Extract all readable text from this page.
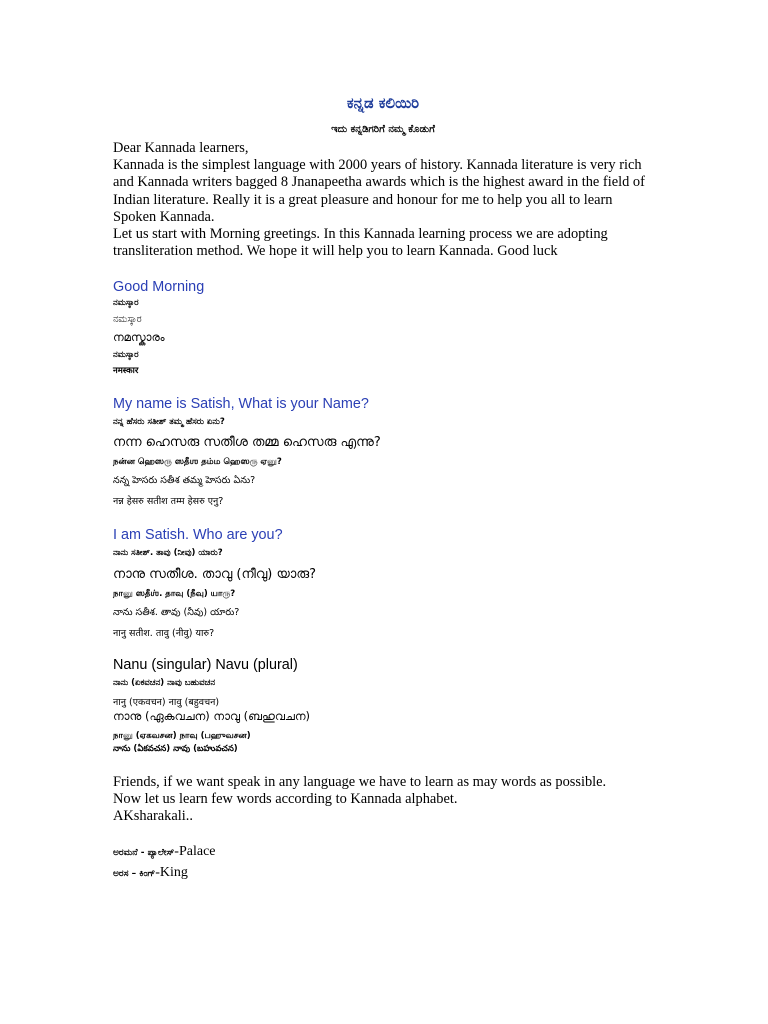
ಕನ್ನಡ ಕಲಿಯಿರಿ
ಇದು ಕನ್ನಡಿಗರಿಗೆ ನಮ್ಮ ಕೊಡುಗೆ

Dear Kannada learners,

Kannada is the simplest language with 2000 years of history. Kannada literature is very rich and Kannada writers bagged 8 Jnanapeetha awards which is the highest award in the field of Indian literature. Really it is a great pleasure and honour for me to help you all to learn Spoken Kannada.

Let us start with Morning greetings. In this Kannada learning process we are adopting transliteration method. We hope it will help you to learn Kannada. Good luck

Good Morning
ನಮಸ್ಕಾರ
ನಮಸ್ಕಾರ
നമസ്കാരം
ನಮಸ್ಕಾರ
नमस्कार
My name is Satish, What is your Name?
ನನ್ನ ಹೆಸರು ಸತೀಶ್ ತಮ್ಮ ಹೆಸರು ಏನು?
നന്ന ഹെസരു സതീശ തമ്മ ഹെസരു എന്നു?
நன்ன ஹெஸரு ஸதீஶ தம்ம ஹெஸரு ஏனு?
నన్న హెసరు సతీశ తమ్మ హెసరు ఏను?
नन्न हेसरु सतीश तम्म हेसरु एनु?
I am Satish. Who are you?
ನಾನು ಸತೀಶ್. ತಾವು (ನೀವು) ಯಾರು?
നാനു സതീശ. താവു (നീവു) യാരു?
நானு ஸதீஶ். தாவு (நீவு) யாரு?
నాను సతీశ. తావు (నీవు) యారు?
नानु सतीश. तावु (नीवु) यारु?
Nanu (singular) Navu (plural)
ನಾನು (ಏಕವಚನ) ನಾವು ಬಹುವಚನ
नानु (एकवचन) नावु (बहुवचन)
നാനു (ഏകവചന) നാവു (ബഹുവചന)
நானு (ஏகவசன) நாவு (பஹுவசன)
నాను (ఏకవచన) నావు (బహువచన)

Friends, if we want speak in any language we have to learn as may words as possible.

Now let us learn few words according to Kannada alphabet.

AKsharakali..

ಅರಮನೆ - ಪ್ಯಾಲೇಸ್-Palace
ಅರಸ – ಕಿಂಗ್-King
